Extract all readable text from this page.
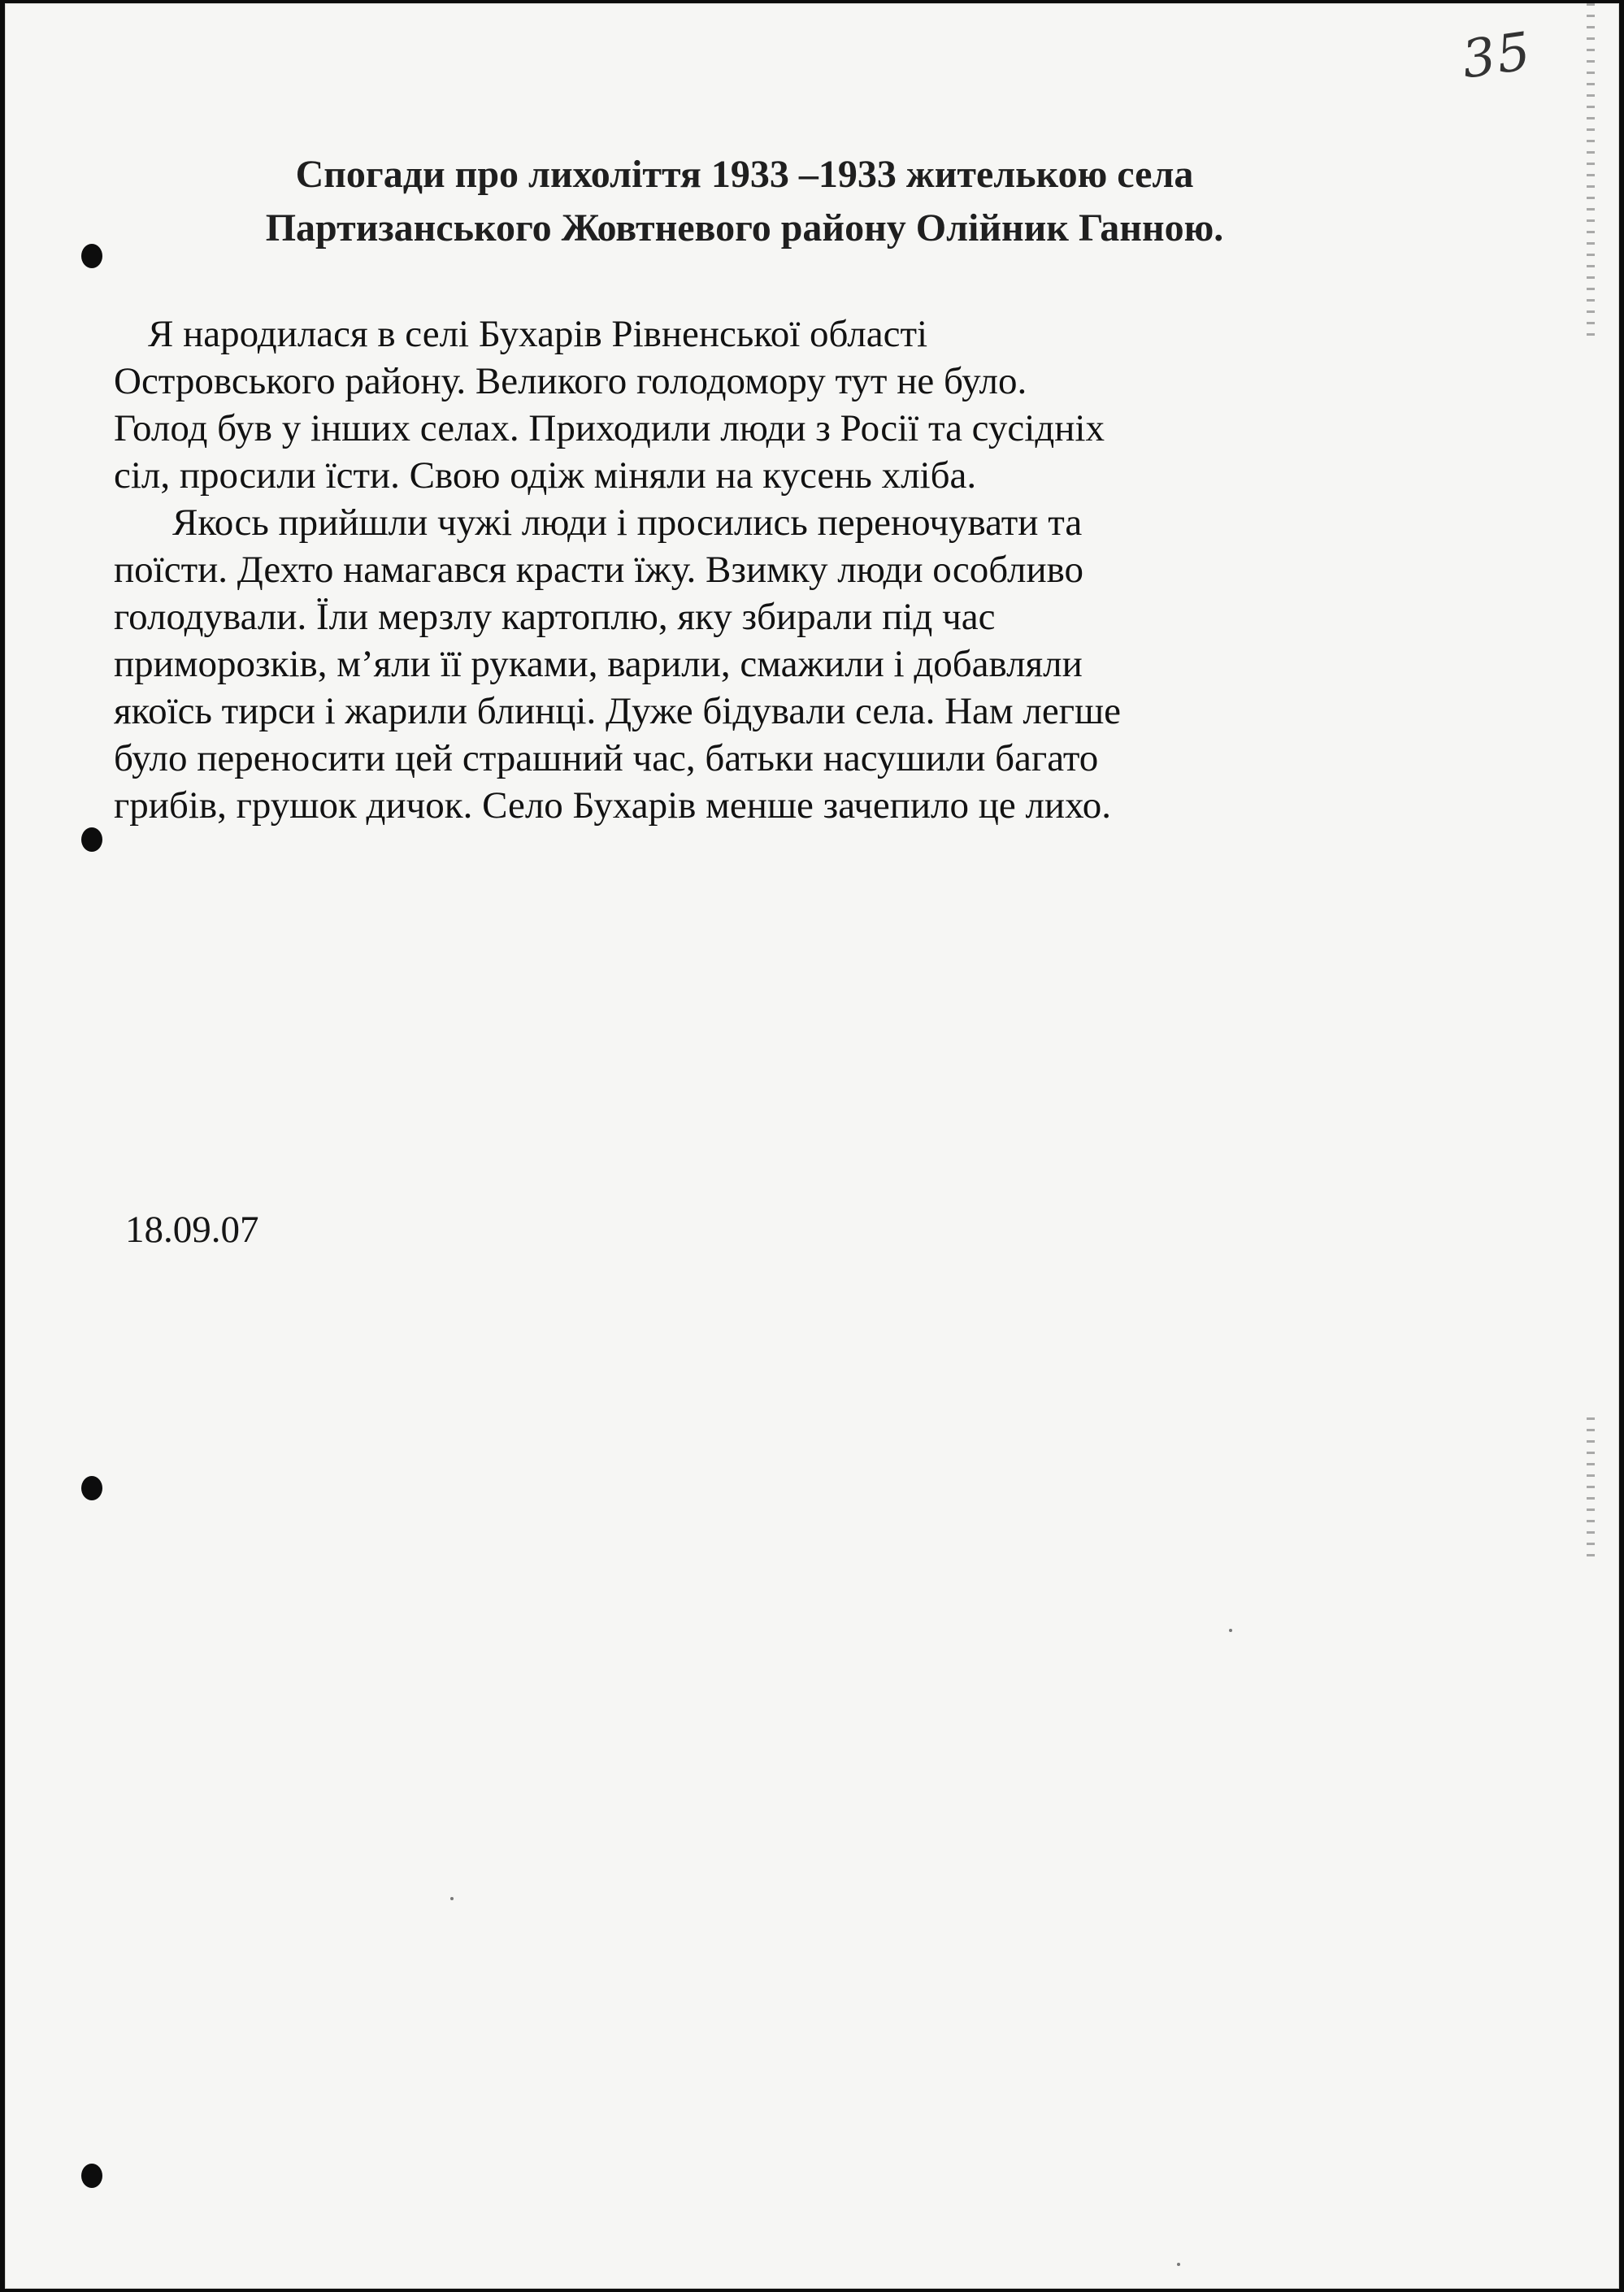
35
Спогади про лихоліття 1933 –1933 жителькою села
Партизанського Жовтневого району Олійник Ганною.
Я народилася в селі Бухарів Рівненської області
Островського району. Великого голодомору тут не було.
Голод був у інших селах. Приходили люди з Росії та сусідніх
сіл, просили їсти. Свою одіж міняли на кусень хліба.
Якось прийшли чужі люди і просились переночувати та
поїсти. Дехто намагався красти їжу. Взимку люди особливо
голодували. Їли мерзлу картоплю, яку збирали під час
приморозків, м’яли її руками, варили, смажили і добавляли
якоїсь тирси і жарили блинці. Дуже бідували села. Нам легше
було переносити цей страшний час, батьки насушили багато
грибів, грушок дичок. Село Бухарів менше зачепило це лихо.
18.09.07
